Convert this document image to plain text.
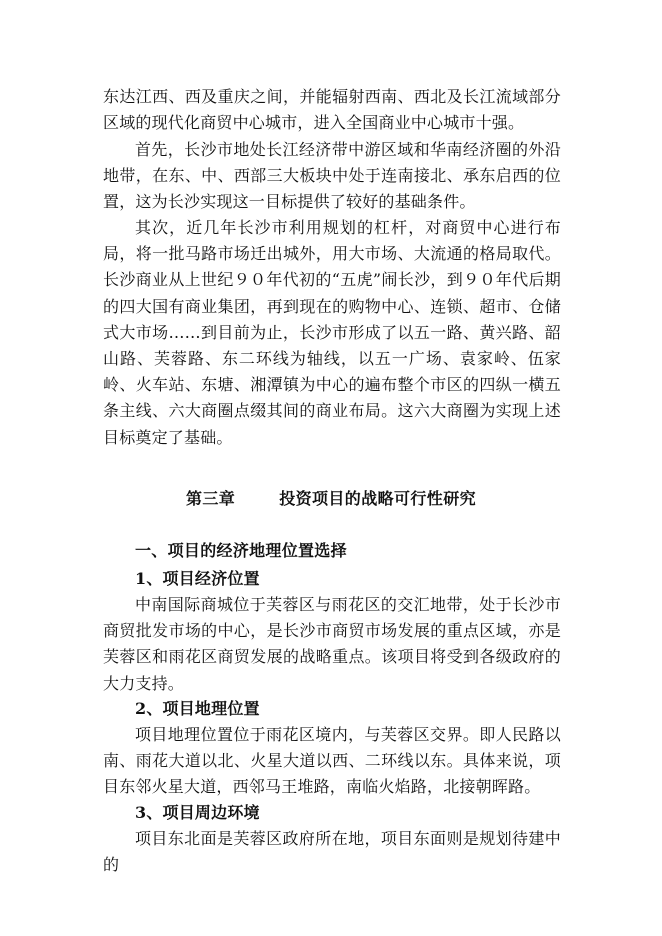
东达江西、西及重庆之间，并能辐射西南、西北及长江流域部分区域的现代化商贸中心城市，进入全国商业中心城市十强。

首先，长沙市地处长江经济带中游区域和华南经济圈的外沿地带，在东、中、西部三大板块中处于连南接北、承东启西的位置，这为长沙实现这一目标提供了较好的基础条件。

其次，近几年长沙市利用规划的杠杆，对商贸中心进行布局，将一批马路市场迁出城外，用大市场、大流通的格局取代。长沙商业从上世纪９０年代初的“五虎”闹长沙，到９０年代后期的四大国有商业集团，再到现在的购物中心、连锁、超市、仓储式大市场……到目前为止，长沙市形成了以五一路、黄兴路、韶山路、芙蓉路、东二环线为轴线，以五一广场、袁家岭、伍家岭、火车站、东塘、湘潭镇为中心的遍布整个市区的四纵一横五条主线、六大商圈点缀其间的商业布局。这六大商圈为实现上述目标奠定了基础。

第三章	投资项目的战略可行性研究
一、项目的经济地理位置选择
1、项目经济位置

中南国际商城位于芙蓉区与雨花区的交汇地带，处于长沙市商贸批发市场的中心，是长沙市商贸市场发展的重点区域，亦是芙蓉区和雨花区商贸发展的战略重点。该项目将受到各级政府的大力支持。

2、项目地理位置

项目地理位置位于雨花区境内，与芙蓉区交界。即人民路以南、雨花大道以北、火星大道以西、二环线以东。具体来说，项目东邻火星大道，西邻马王堆路，南临火焰路，北接朝晖路。

3、项目周边环境

项目东北面是芙蓉区政府所在地，项目东面则是规划待建中的
